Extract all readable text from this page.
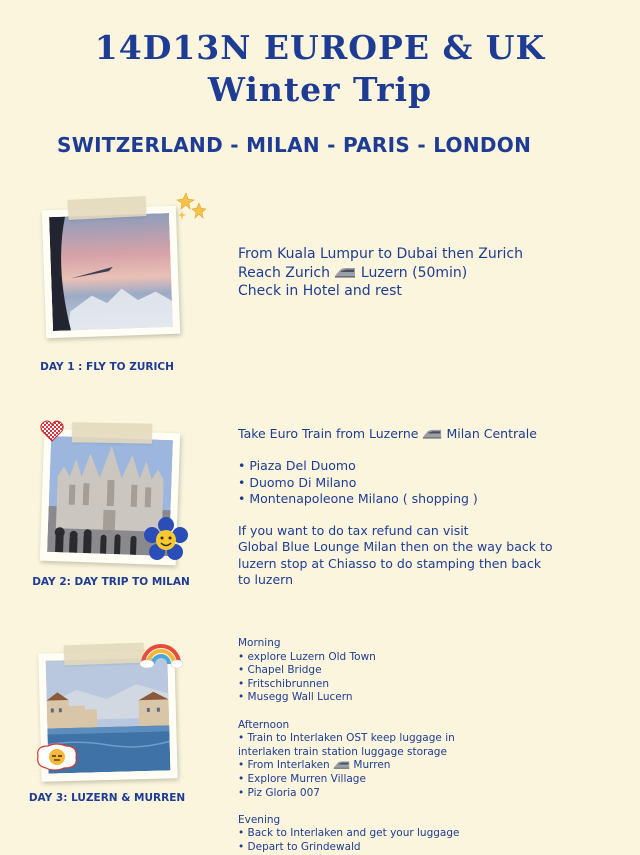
14D13N EUROPE & UK
Winter Trip
SWITZERLAND - MILAN - PARIS - LONDON
DAY 1 : FLY TO ZURICH
From Kuala Lumpur to Dubai then Zurich
Reach Zurich Luzern (50min)
Check in Hotel and rest
DAY 2: DAY TRIP TO MILAN
Take Euro Train from Luzerne Milan Centrale
• Piaza Del Duomo
• Duomo Di Milano
• Montenapoleone Milano ( shopping )
If you want to do tax refund can visit
Global Blue Lounge Milan then on the way back to
luzern stop at Chiasso to do stamping then back
to luzern
DAY 3: LUZERN & MURREN
Morning
• explore Luzern Old Town
• Chapel Bridge
• Fritschibrunnen
• Musegg Wall Lucern
Afternoon
• Train to Interlaken OST keep luggage in
interlaken train station luggage storage
• From Interlaken Murren
• Explore Murren Village
• Piz Gloria 007
Evening
• Back to Interlaken and get your luggage
• Depart to Grindewald
